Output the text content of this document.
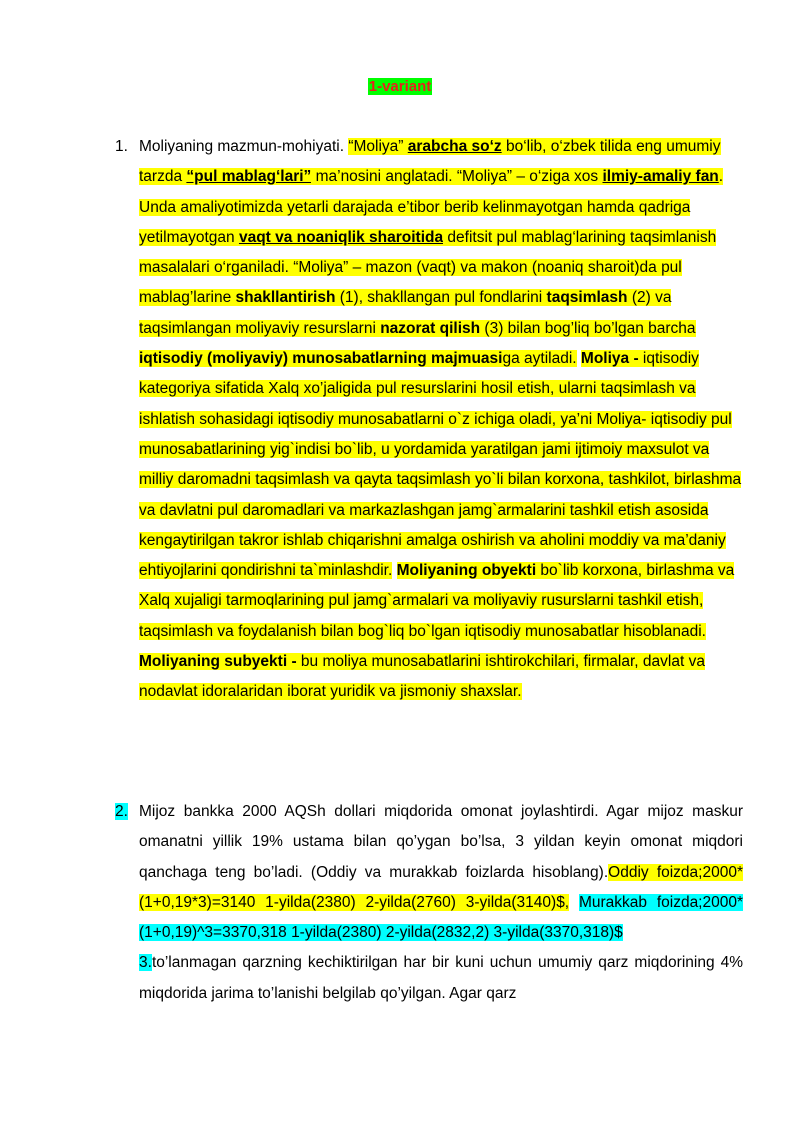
1-variant
1. Moliyaning mazmun-mohiyati. “Moliya” arabcha so‘z bo‘lib, o‘zbek tilida eng umumiy tarzda “pul mablag‘lari” ma’nosini anglatadi. “Moliya” – o‘ziga xos ilmiy-amaliy fan. Unda amaliyotimizda yetarli darajada e’tibor berib kelinmayotgan hamda qadriga yetilmayotgan vaqt va noaniqlik sharoitida defitsit pul mablag‘larining taqsimlanish masalalari o‘rganiladi. “Moliya” – mazon (vaqt) va makon (noaniq sharoit)da pul mablag’larine shakllantirish (1), shakllangan pul fondlarini taqsimlash (2) va taqsimlangan moliyaviy resurslarni nazorat qilish (3) bilan bog’liq bo’lgan barcha iqtisodiy (moliyaviy) munosabatlarning majmuasiga aytiladi. Moliya - iqtisodiy kategoriya sifatida Xalq xo’jaligida pul resurslarini hosil etish, ularni taqsimlash va ishlatish sohasidagi iqtisodiy munosabatlarni o`z ichiga oladi, ya’ni Moliya- iqtisodiy pul munosabatlarining yig`indisi bo`lib, u yordamida yaratilgan jami ijtimoiy maxsulot va milliy daromadni taqsimlash va qayta taqsimlash yo`li bilan korxona, tashkilot, birlashma va davlatni pul daromadlari va markazlashgan jamg`armalarini tashkil etish asosida kengaytirilgan takror ishlab chiqarishni amalga oshirish va aholini moddiy va ma’daniy ehtiyojlarini qondirishni ta`minlashdir. Moliyaning obyekti bo`lib korxona, birlashma va Xalq xujaligi tarmoqlarining pul jamg`armalari va moliyaviy rusurslarni tashkil etish, taqsimlash va foydalanish bilan bog`liq bo`lgan iqtisodiy munosabatlar hisoblanadi. Moliyaning subyekti - bu moliya munosabatlarini ishtirokchilari, firmalar, davlat va nodavlat idoralaridan iborat yuridik va jismoniy shaxslar.
2. Mijoz bankka 2000 AQSh dollari miqdorida omonat joylashtirdi. Agar mijoz maskur omanatni yillik 19% ustama bilan qo’ygan bo’lsa, 3 yildan keyin omonat miqdori qanchaga teng bo’ladi. (Oddiy va murakkab foizlarda hisoblang).Oddiy foizda;2000*(1+0,19*3)=3140 1-yilda(2380) 2-yilda(2760) 3-yilda(3140)$, Murakkab foizda;2000*(1+0,19)^3=3370,318 1-yilda(2380) 2-yilda(2832,2) 3-yilda(3370,318)$
3.to’lanmagan qarzning kechiktirilgan har bir kuni uchun umumiy qarz miqdorining 4% miqdorida jarima to’lanishi belgilab qo’yilgan. Agar qarz
